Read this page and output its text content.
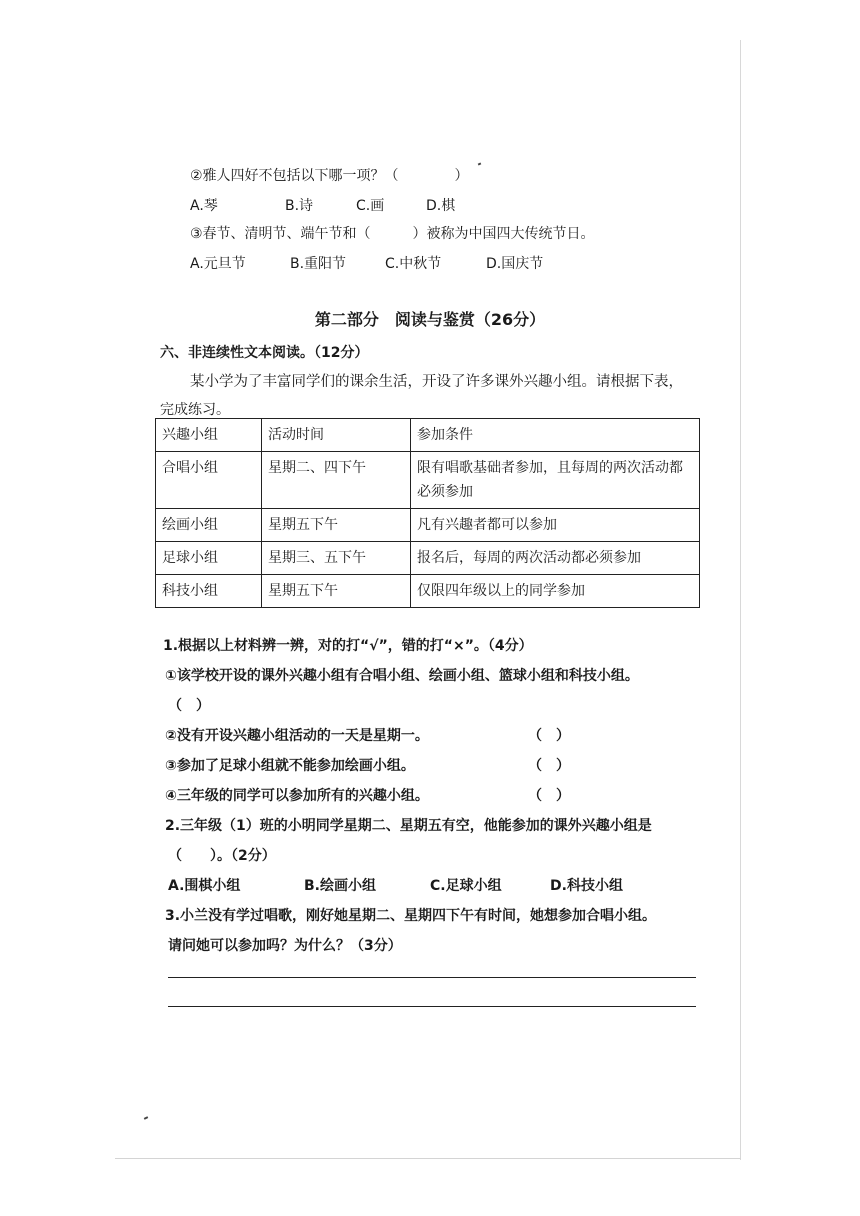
②雅人四好不包括以下哪一项？（　　　　）
A.琴	B.诗	C.画	D.棋
③春节、清明节、端午节和（　　　）被称为中国四大传统节日。
A.元旦节	B.重阳节	C.中秋节	D.国庆节
第二部分　阅读与鉴赏（26分）
六、非连续性文本阅读。（12分）
某小学为了丰富同学们的课余生活，开设了许多课外兴趣小组。请根据下表，
完成练习。
兴趣小组	活动时间	参加条件
合唱小组	星期二、四下午	限有唱歌基础者参加，且每周的两次活动都必须参加
绘画小组	星期五下午	凡有兴趣者都可以参加
足球小组	星期三、五下午	报名后，每周的两次活动都必须参加
科技小组	星期五下午	仅限四年级以上的同学参加
1.根据以上材料辨一辨，对的打“√”，错的打“×”。（4分）
①该学校开设的课外兴趣小组有合唱小组、绘画小组、篮球小组和科技小组。
（　）
②没有开设兴趣小组活动的一天是星期一。	（　）
③参加了足球小组就不能参加绘画小组。	（　）
④三年级的同学可以参加所有的兴趣小组。	（　）
2.三年级（1）班的小明同学星期二、星期五有空，他能参加的课外兴趣小组是
（　　）。（2分）
A.围棋小组	B.绘画小组	C.足球小组	D.科技小组
3.小兰没有学过唱歌，刚好她星期二、星期四下午有时间，她想参加合唱小组。
请问她可以参加吗？为什么？（3分）
